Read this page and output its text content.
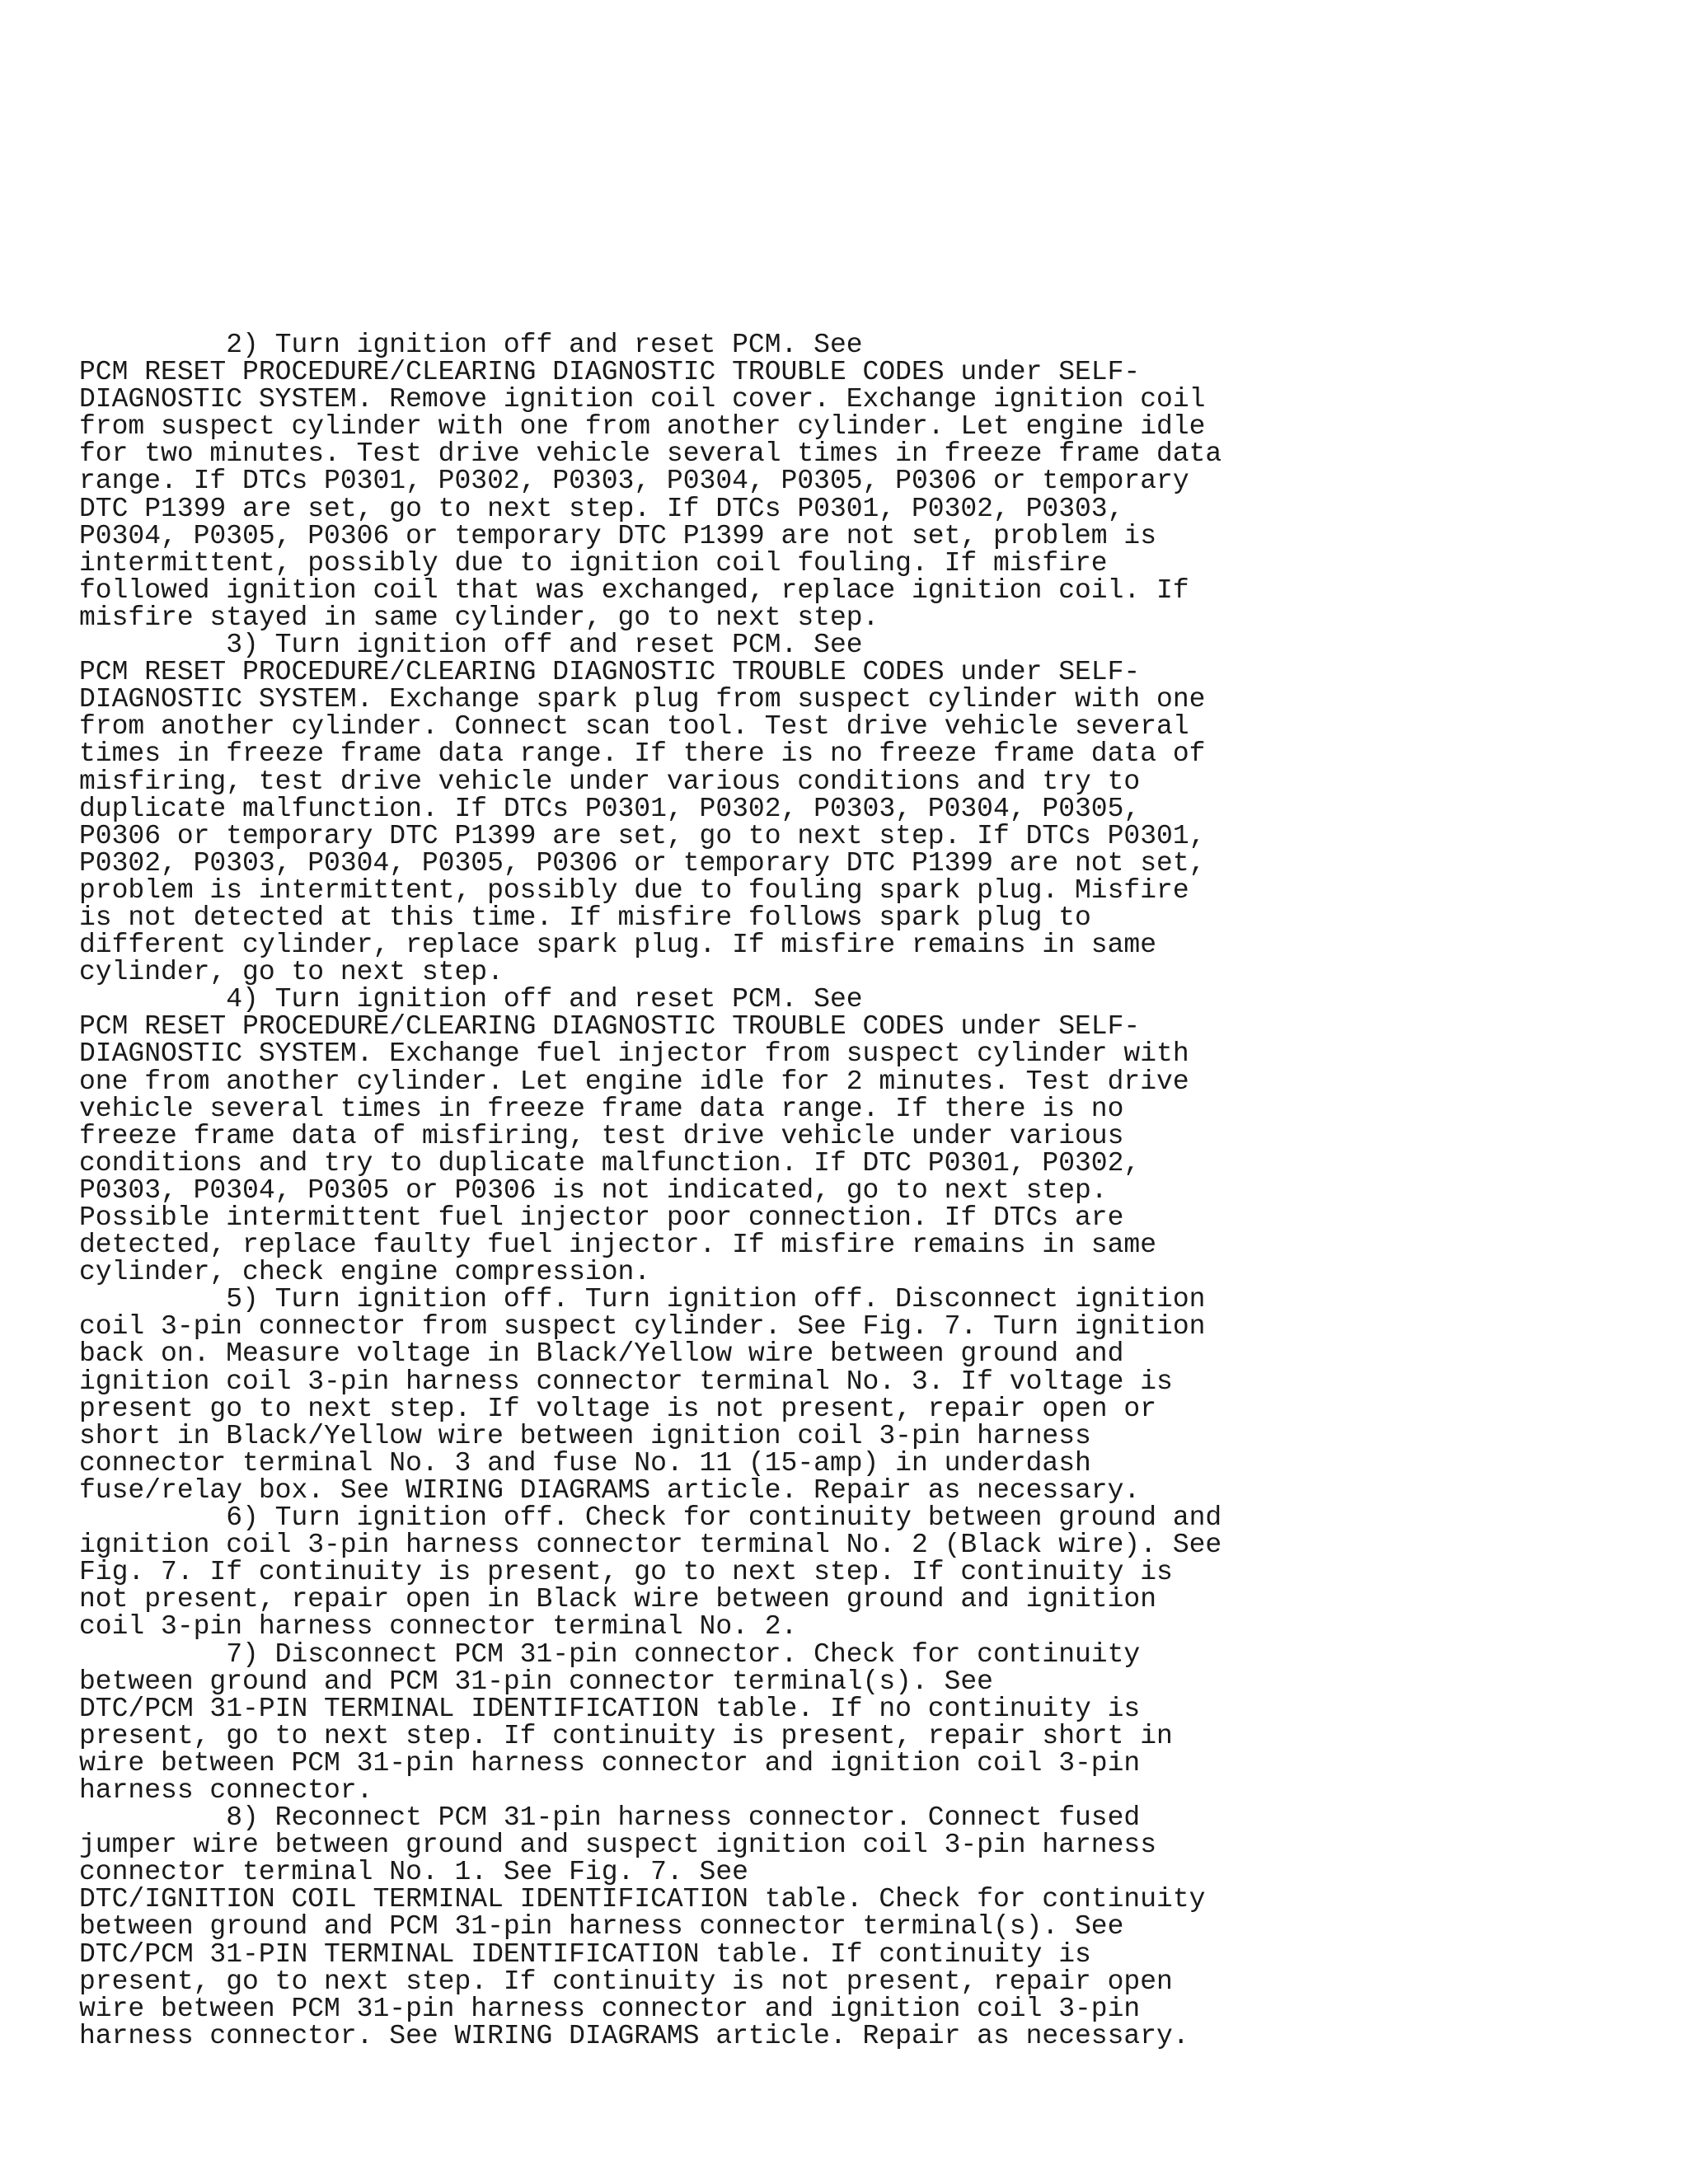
2) Turn ignition off and reset PCM. See
PCM RESET PROCEDURE/CLEARING DIAGNOSTIC TROUBLE CODES under SELF-
DIAGNOSTIC SYSTEM. Remove ignition coil cover. Exchange ignition coil
from suspect cylinder with one from another cylinder. Let engine idle
for two minutes. Test drive vehicle several times in freeze frame data
range. If DTCs P0301, P0302, P0303, P0304, P0305, P0306 or temporary
DTC P1399 are set, go to next step. If DTCs P0301, P0302, P0303,
P0304, P0305, P0306 or temporary DTC P1399 are not set, problem is
intermittent, possibly due to ignition coil fouling. If misfire
followed ignition coil that was exchanged, replace ignition coil. If
misfire stayed in same cylinder, go to next step.
3) Turn ignition off and reset PCM. See
PCM RESET PROCEDURE/CLEARING DIAGNOSTIC TROUBLE CODES under SELF-
DIAGNOSTIC SYSTEM. Exchange spark plug from suspect cylinder with one
from another cylinder. Connect scan tool. Test drive vehicle several
times in freeze frame data range. If there is no freeze frame data of
misfiring, test drive vehicle under various conditions and try to
duplicate malfunction. If DTCs P0301, P0302, P0303, P0304, P0305,
P0306 or temporary DTC P1399 are set, go to next step. If DTCs P0301,
P0302, P0303, P0304, P0305, P0306 or temporary DTC P1399 are not set,
problem is intermittent, possibly due to fouling spark plug. Misfire
is not detected at this time. If misfire follows spark plug to
different cylinder, replace spark plug. If misfire remains in same
cylinder, go to next step.
4) Turn ignition off and reset PCM. See
PCM RESET PROCEDURE/CLEARING DIAGNOSTIC TROUBLE CODES under SELF-
DIAGNOSTIC SYSTEM. Exchange fuel injector from suspect cylinder with
one from another cylinder. Let engine idle for 2 minutes. Test drive
vehicle several times in freeze frame data range. If there is no
freeze frame data of misfiring, test drive vehicle under various
conditions and try to duplicate malfunction. If DTC P0301, P0302,
P0303, P0304, P0305 or P0306 is not indicated, go to next step.
Possible intermittent fuel injector poor connection. If DTCs are
detected, replace faulty fuel injector. If misfire remains in same
cylinder, check engine compression.
5) Turn ignition off. Turn ignition off. Disconnect ignition
coil 3-pin connector from suspect cylinder. See Fig. 7. Turn ignition
back on. Measure voltage in Black/Yellow wire between ground and
ignition coil 3-pin harness connector terminal No. 3. If voltage is
present go to next step. If voltage is not present, repair open or
short in Black/Yellow wire between ignition coil 3-pin harness
connector terminal No. 3 and fuse No. 11 (15-amp) in underdash
fuse/relay box. See WIRING DIAGRAMS article. Repair as necessary.
6) Turn ignition off. Check for continuity between ground and
ignition coil 3-pin harness connector terminal No. 2 (Black wire). See
Fig. 7. If continuity is present, go to next step. If continuity is
not present, repair open in Black wire between ground and ignition
coil 3-pin harness connector terminal No. 2.
7) Disconnect PCM 31-pin connector. Check for continuity
between ground and PCM 31-pin connector terminal(s). See
DTC/PCM 31-PIN TERMINAL IDENTIFICATION table. If no continuity is
present, go to next step. If continuity is present, repair short in
wire between PCM 31-pin harness connector and ignition coil 3-pin
harness connector.
8) Reconnect PCM 31-pin harness connector. Connect fused
jumper wire between ground and suspect ignition coil 3-pin harness
connector terminal No. 1. See Fig. 7. See
DTC/IGNITION COIL TERMINAL IDENTIFICATION table. Check for continuity
between ground and PCM 31-pin harness connector terminal(s). See
DTC/PCM 31-PIN TERMINAL IDENTIFICATION table. If continuity is
present, go to next step. If continuity is not present, repair open
wire between PCM 31-pin harness connector and ignition coil 3-pin
harness connector. See WIRING DIAGRAMS article. Repair as necessary.
